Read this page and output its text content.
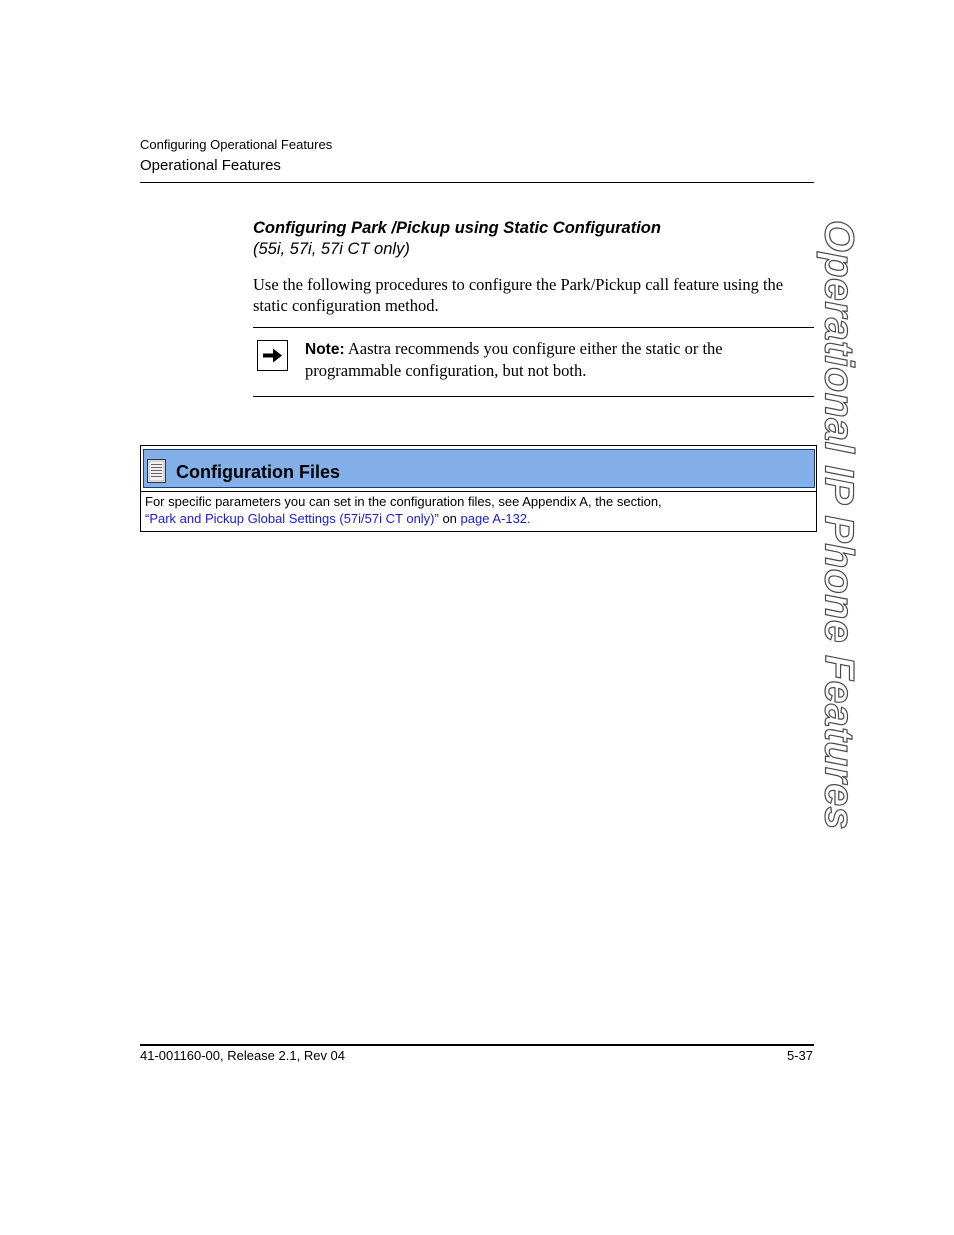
Configuring Operational Features
Operational Features
Configuring Park /Pickup using Static Configuration
(55i, 57i, 57i CT only)
Use the following procedures to configure the Park/Pickup call feature using the static configuration method.
Note: Aastra recommends you configure either the static or the programmable configuration, but not both.
Configuration Files
For specific parameters you can set in the configuration files, see Appendix A, the section,
“Park and Pickup Global Settings (57i/57i CT only)” on page A-132.	Operational IP Phone Features
41-001160-00, Release 2.1, Rev 04	5-37
